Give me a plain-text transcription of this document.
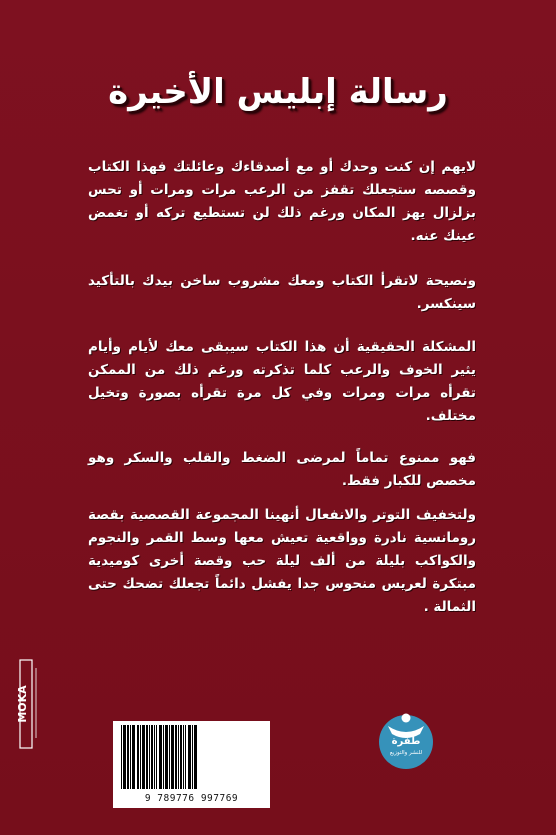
رسالة إبليس الأخيرة

لايهم إن كنت وحدك أو مع أصدقاءك وعائلتك فهذا الكتاب وقصصه ستجعلك تقفز من الرعب مرات ومرات أو تحس بزلزال يهز المكان ورغم ذلك لن تستطيع تركه أو تغمض عينك عنه.

ونصيحة لاتقرأ الكتاب ومعك مشروب ساخن بيدك بالتأكيد سينكسر.

المشكلة الحقيقية أن هذا الكتاب سيبقى معك لأيام وأيام يثير الخوف والرعب كلما تذكرته ورغم ذلك من الممكن تقرأه مرات ومرات وفي كل مرة تقرأه بصورة وتخيل مختلف.

فهو ممنوع تماماً لمرضى الضغط والقلب والسكر وهو مخصص للكبار فقط.

ولتخفيف التوتر والانفعال أنهينا المجموعة القصصية بقصة رومانسية نادرة وواقعية تعيش معها وسط القمر والنجوم والكواكب بليلة من ألف ليلة حب وقصة أخرى كوميدية مبتكرة لعريس منحوس جدا يفشل دائماً تجعلك تضحك حتى الثمالة .

MOKA
9 789776 997769
طفرة
للنشر والتوزيع
